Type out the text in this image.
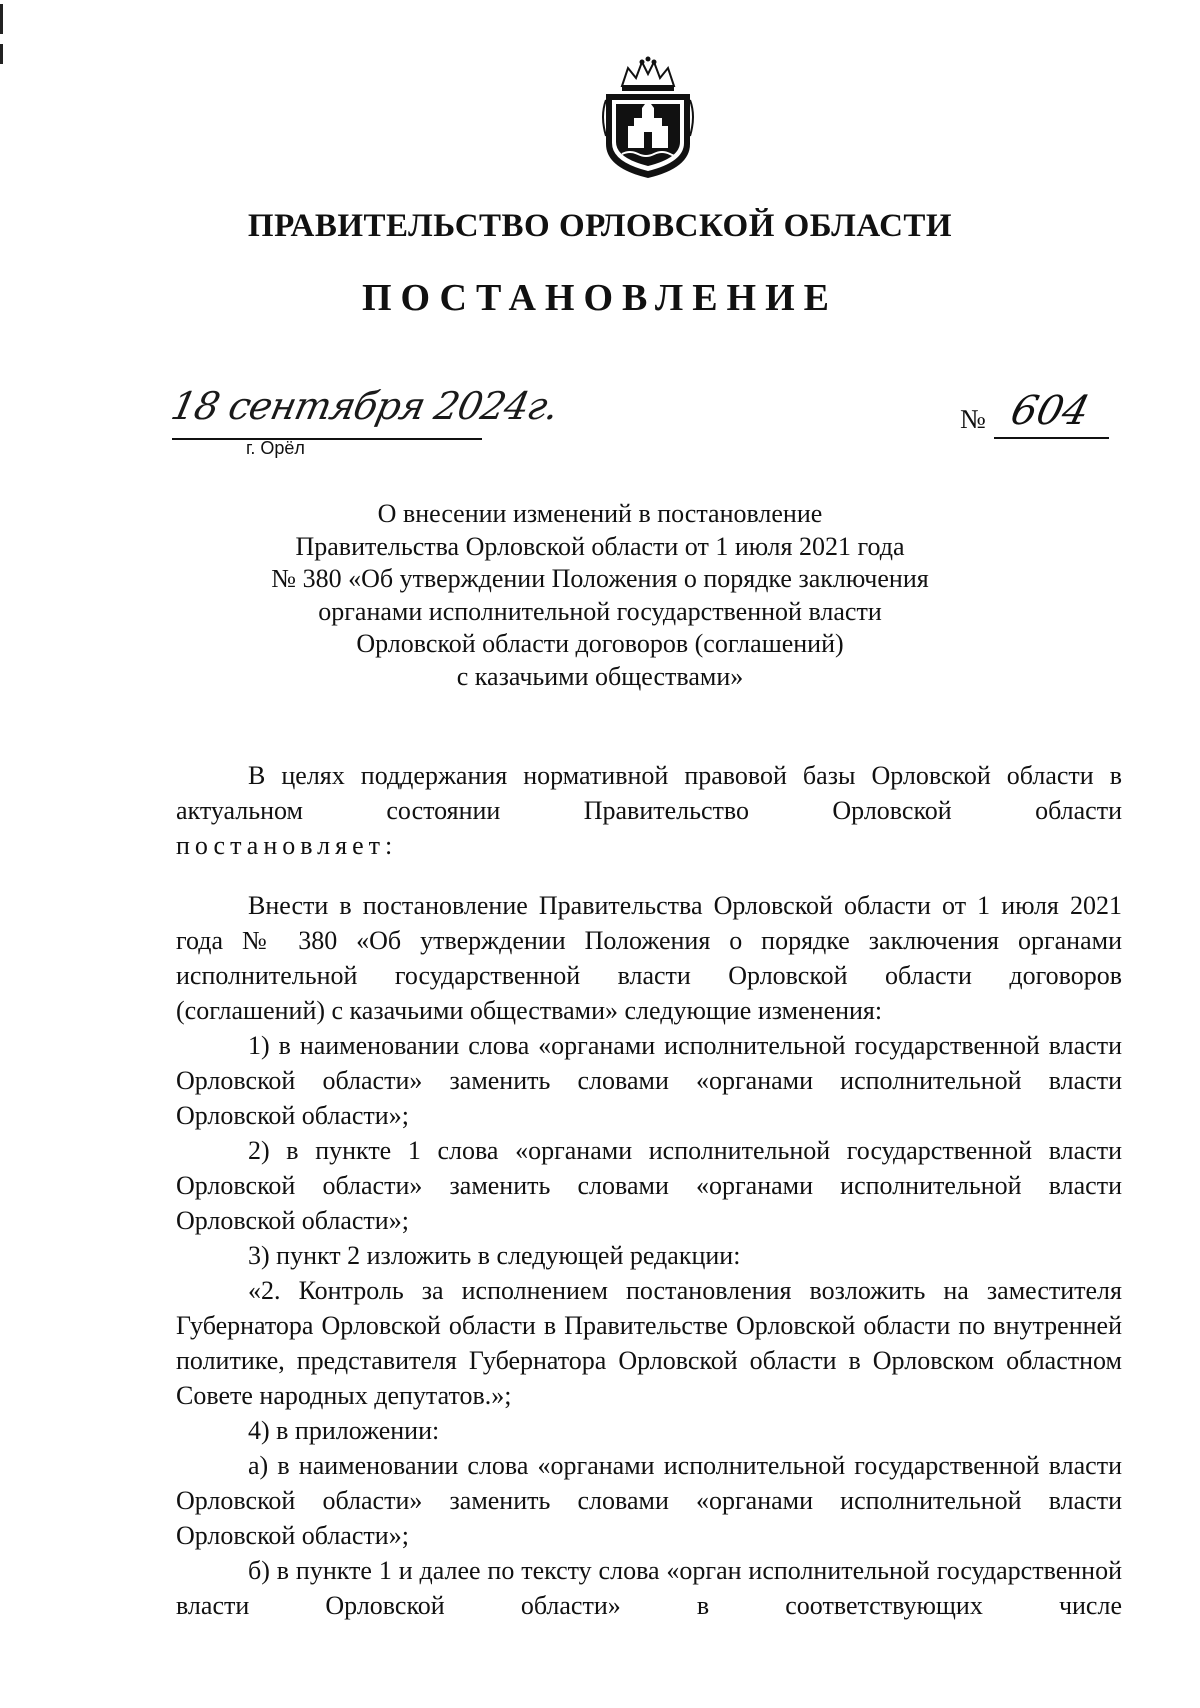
ПРАВИТЕЛЬСТВО ОРЛОВСКОЙ ОБЛАСТИ
ПОСТАНОВЛЕНИЕ
18 сентября 2024г.
г. Орёл
№ 604
О внесении изменений в постановление
Правительства Орловской области от 1 июля 2021 года
№ 380 «Об утверждении Положения о порядке заключения
органами исполнительной государственной власти
Орловской области договоров (соглашений)
с казачьими обществами»

В целях поддержания нормативной правовой базы Орловской области в актуальном состоянии Правительство Орловской области

постановляет:

Внести в постановление Правительства Орловской области от 1 июля 2021 года № 380 «Об утверждении Положения о порядке заключения органами исполнительной государственной власти Орловской области договоров (соглашений) с казачьими обществами» следующие изменения:

1) в наименовании слова «органами исполнительной государственной власти Орловской области» заменить словами «органами исполнительной власти Орловской области»;

2) в пункте 1 слова «органами исполнительной государственной власти Орловской области» заменить словами «органами исполнительной власти Орловской области»;

3) пункт 2 изложить в следующей редакции:

«2. Контроль за исполнением постановления возложить на заместителя Губернатора Орловской области в Правительстве Орловской области по внутренней политике, представителя Губернатора Орловской области в Орловском областном Совете народных депутатов.»;

4) в приложении:

а) в наименовании слова «органами исполнительной государственной власти Орловской области» заменить словами «органами исполнительной власти Орловской области»;

б) в пункте 1 и далее по тексту слова «орган исполнительной государственной власти Орловской области» в соответствующих числе
